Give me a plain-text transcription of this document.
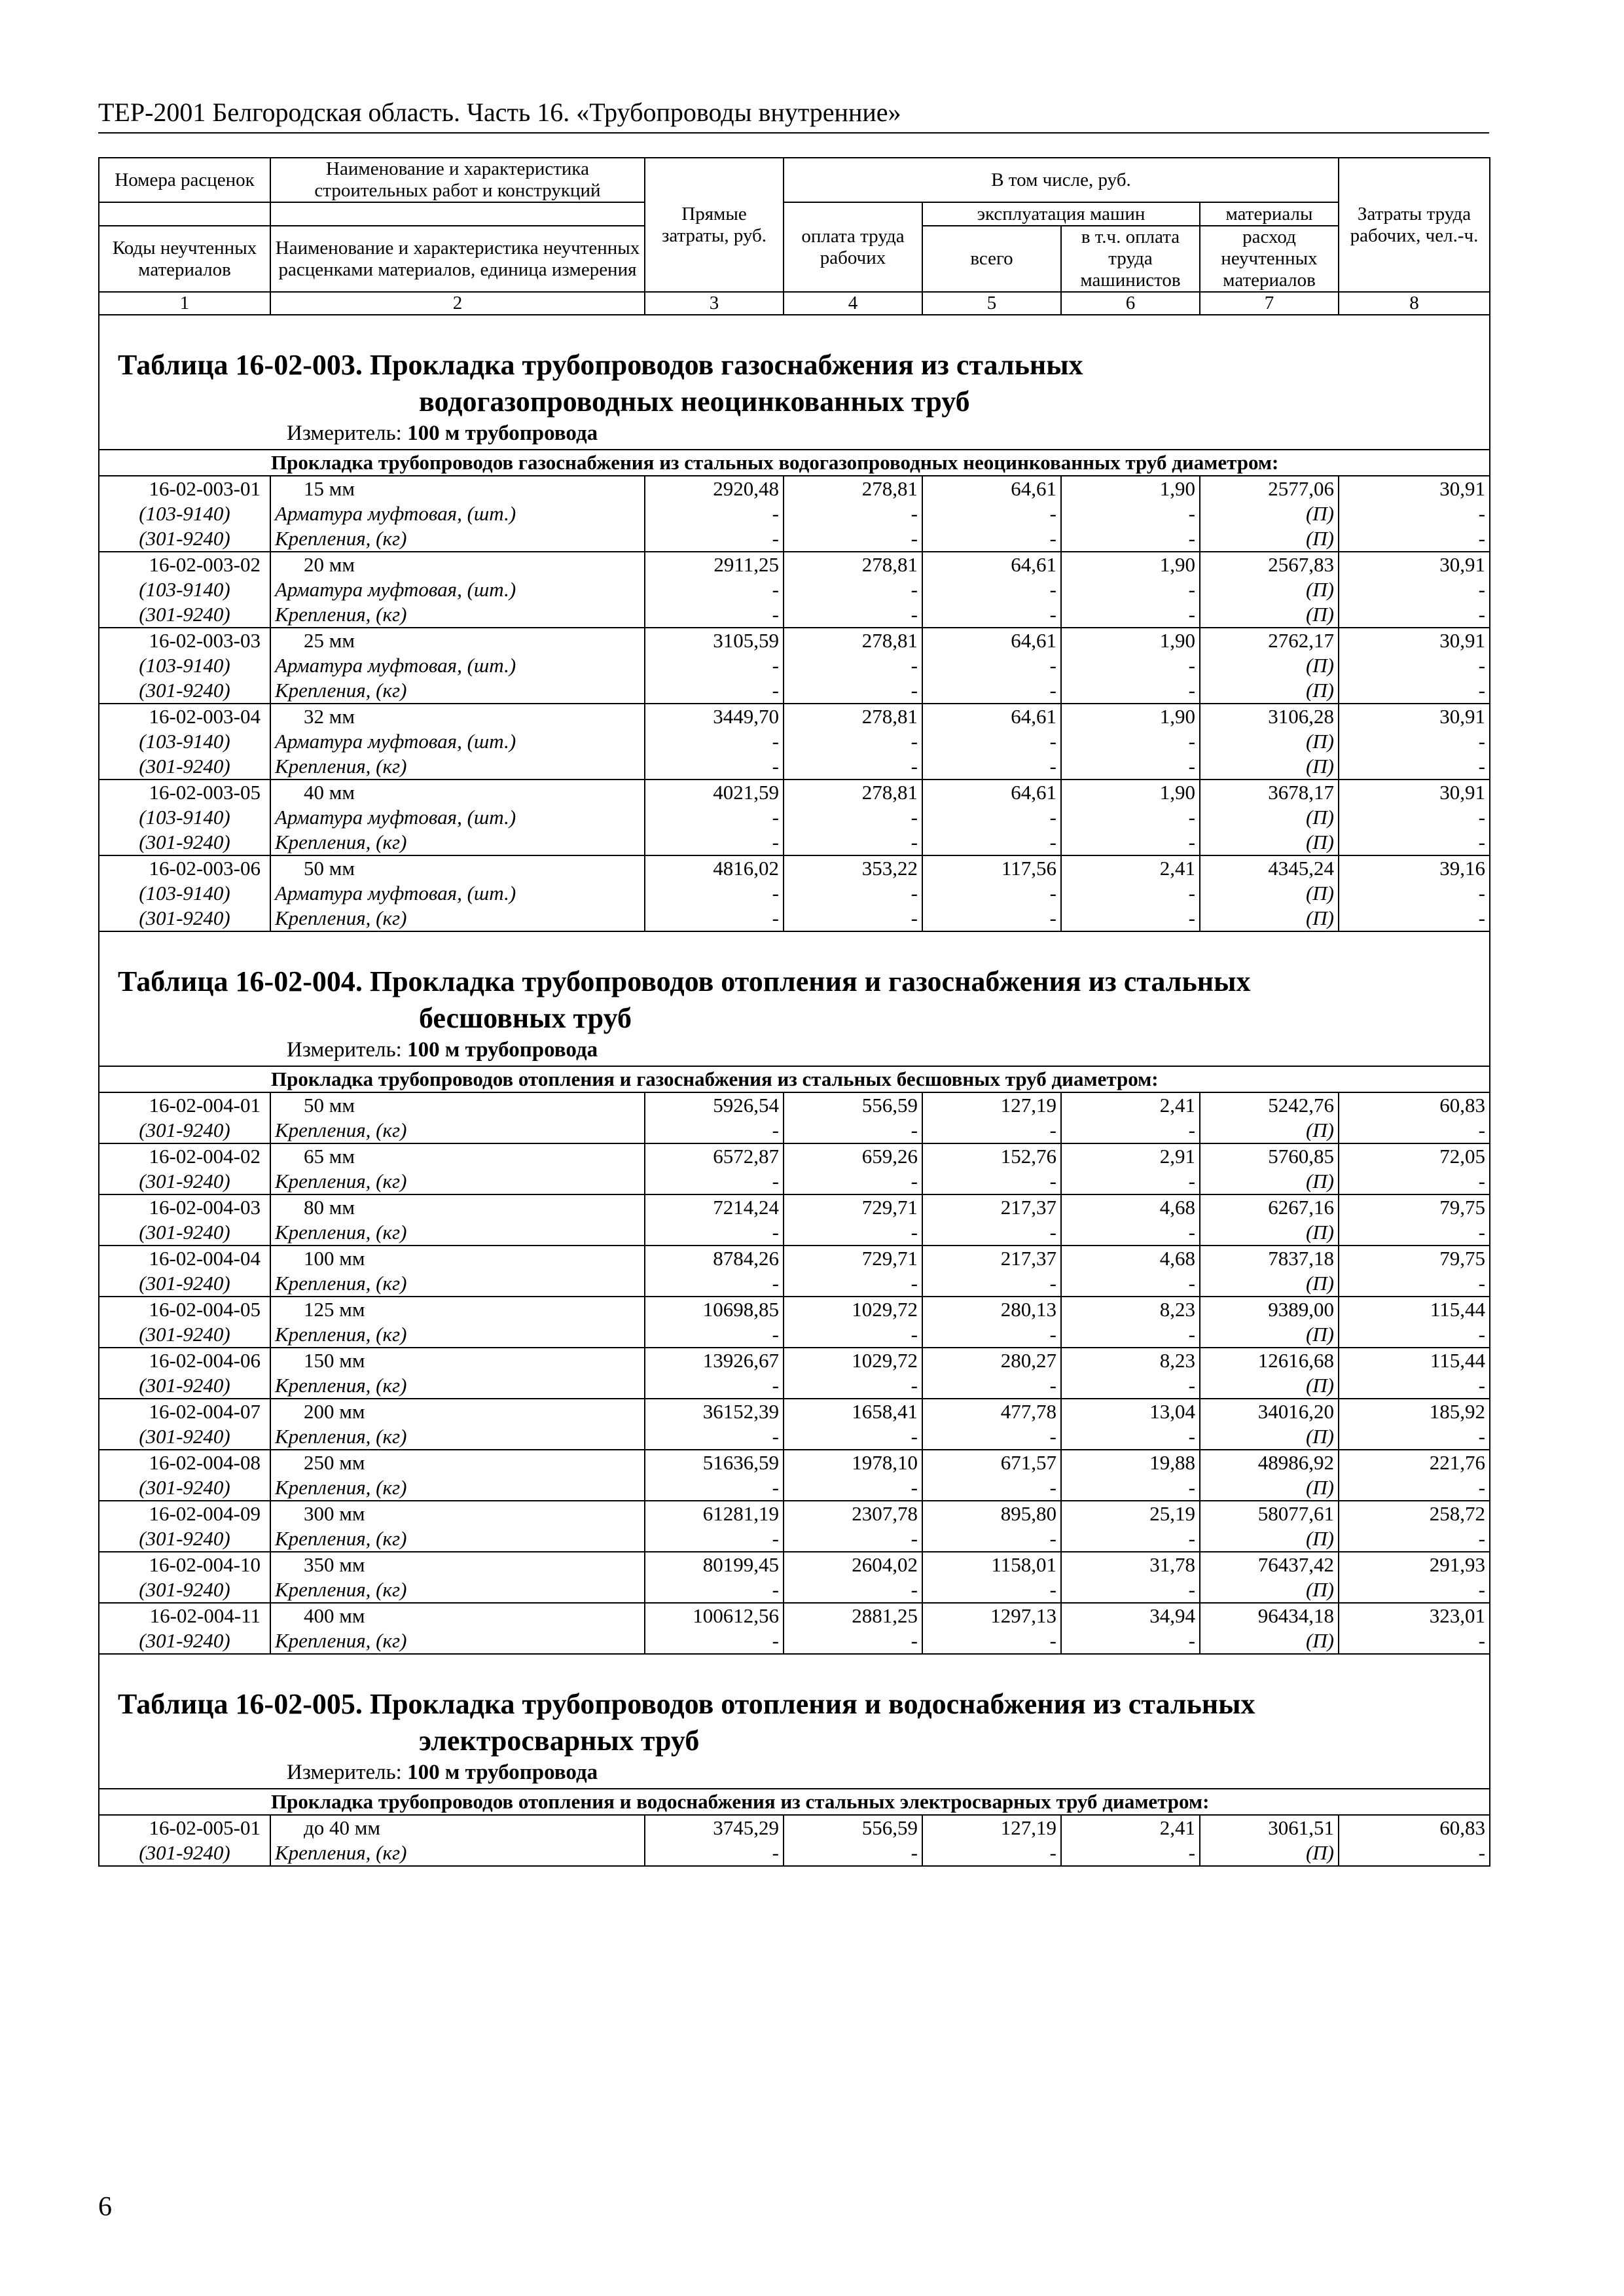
ТЕР-2001 Белгородская область. Часть 16. «Трубопроводы внутренние»
Номера расценок	Наименование и характеристика строительных работ и конструкций	Прямые затраты, руб.	В том числе, руб.				Затраты труда рабочих, чел.-ч.
			оплата труда рабочих	эксплуатация машин		материалы	
Коды неучтенных материалов	Наименование и характеристика неучтенных расценками материалов, единица измерения			всего	в т.ч. оплата труда машинистов	расход неучтенных материалов	

1	2	3	4	5	6	7	8

Таблица 16-02-003. Прокладка трубопроводов газоснабжения из стальных
водогазопроводных неоцинкованных труб
Измеритель: 100 м трубопровода							

Прокладка трубопроводов газоснабжения из стальных водогазопроводных неоцинкованных труб диаметром:							
16-02-003-01	15 мм	2920,48	278,81	64,61	1,90	2577,06	30,91
(103-9140)	Арматура муфтовая, (шт.)	-	-	-	-	(П)	-
(301-9240)	Крепления, (кг)	-	-	-	-	(П)	-
16-02-003-02	20 мм	2911,25	278,81	64,61	1,90	2567,83	30,91
(103-9140)	Арматура муфтовая, (шт.)	-	-	-	-	(П)	-
(301-9240)	Крепления, (кг)	-	-	-	-	(П)	-
16-02-003-03	25 мм	3105,59	278,81	64,61	1,90	2762,17	30,91
(103-9140)	Арматура муфтовая, (шт.)	-	-	-	-	(П)	-
(301-9240)	Крепления, (кг)	-	-	-	-	(П)	-
16-02-003-04	32 мм	3449,70	278,81	64,61	1,90	3106,28	30,91
(103-9140)	Арматура муфтовая, (шт.)	-	-	-	-	(П)	-
(301-9240)	Крепления, (кг)	-	-	-	-	(П)	-
16-02-003-05	40 мм	4021,59	278,81	64,61	1,90	3678,17	30,91
(103-9140)	Арматура муфтовая, (шт.)	-	-	-	-	(П)	-
(301-9240)	Крепления, (кг)	-	-	-	-	(П)	-
16-02-003-06	50 мм	4816,02	353,22	117,56	2,41	4345,24	39,16
(103-9140)	Арматура муфтовая, (шт.)	-	-	-	-	(П)	-
(301-9240)	Крепления, (кг)	-	-	-	-	(П)	-

Таблица 16-02-004. Прокладка трубопроводов отопления и газоснабжения из стальных
бесшовных труб
Измеритель: 100 м трубопровода							

Прокладка трубопроводов отопления и газоснабжения из стальных бесшовных труб диаметром:							
16-02-004-01	50 мм	5926,54	556,59	127,19	2,41	5242,76	60,83
(301-9240)	Крепления, (кг)	-	-	-	-	(П)	-
16-02-004-02	65 мм	6572,87	659,26	152,76	2,91	5760,85	72,05
(301-9240)	Крепления, (кг)	-	-	-	-	(П)	-
16-02-004-03	80 мм	7214,24	729,71	217,37	4,68	6267,16	79,75
(301-9240)	Крепления, (кг)	-	-	-	-	(П)	-
16-02-004-04	100 мм	8784,26	729,71	217,37	4,68	7837,18	79,75
(301-9240)	Крепления, (кг)	-	-	-	-	(П)	-
16-02-004-05	125 мм	10698,85	1029,72	280,13	8,23	9389,00	115,44
(301-9240)	Крепления, (кг)	-	-	-	-	(П)	-
16-02-004-06	150 мм	13926,67	1029,72	280,27	8,23	12616,68	115,44
(301-9240)	Крепления, (кг)	-	-	-	-	(П)	-
16-02-004-07	200 мм	36152,39	1658,41	477,78	13,04	34016,20	185,92
(301-9240)	Крепления, (кг)	-	-	-	-	(П)	-
16-02-004-08	250 мм	51636,59	1978,10	671,57	19,88	48986,92	221,76
(301-9240)	Крепления, (кг)	-	-	-	-	(П)	-
16-02-004-09	300 мм	61281,19	2307,78	895,80	25,19	58077,61	258,72
(301-9240)	Крепления, (кг)	-	-	-	-	(П)	-
16-02-004-10	350 мм	80199,45	2604,02	1158,01	31,78	76437,42	291,93
(301-9240)	Крепления, (кг)	-	-	-	-	(П)	-
16-02-004-11	400 мм	100612,56	2881,25	1297,13	34,94	96434,18	323,01
(301-9240)	Крепления, (кг)	-	-	-	-	(П)	-

Таблица 16-02-005. Прокладка трубопроводов отопления и водоснабжения из стальных
электросварных труб
Измеритель: 100 м трубопровода							

Прокладка трубопроводов отопления и водоснабжения из стальных электросварных труб диаметром:							
16-02-005-01	до 40 мм	3745,29	556,59	127,19	2,41	3061,51	60,83
(301-9240)	Крепления, (кг)	-	-	-	-	(П)	-
6
